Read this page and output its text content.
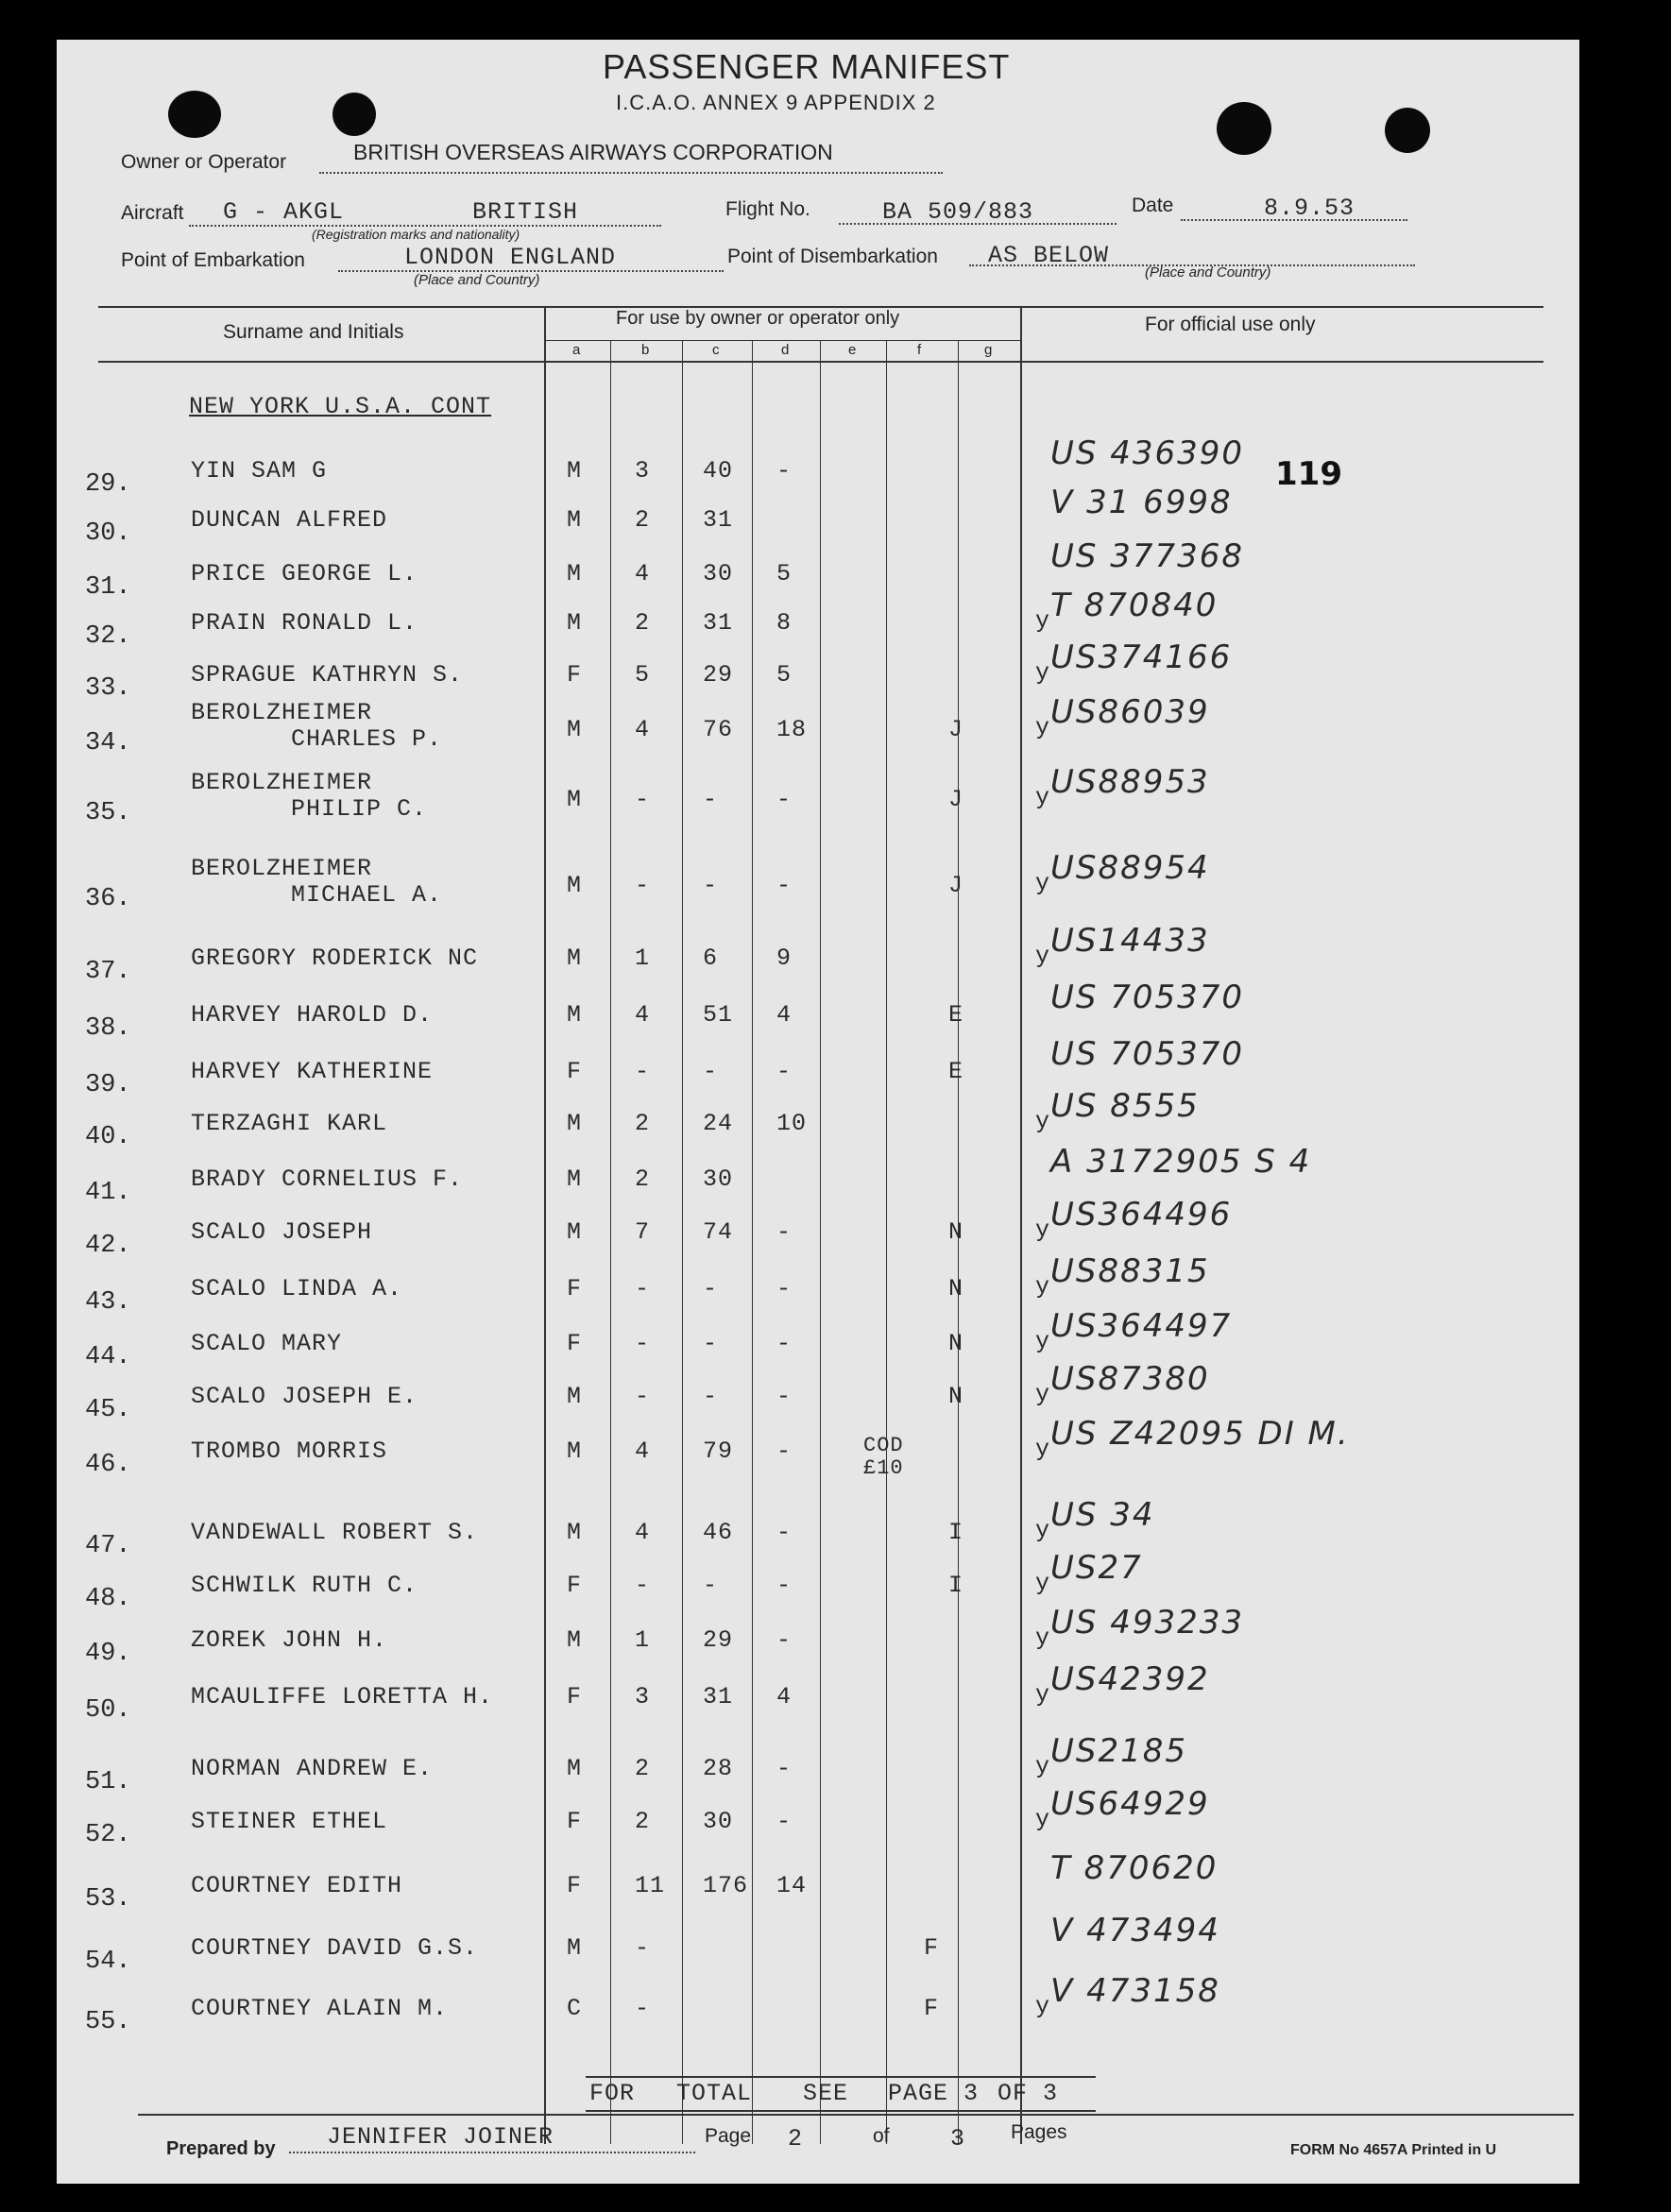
PASSENGER MANIFEST
I.C.A.O. ANNEX 9 APPENDIX 2
Owner or Operator	BRITISH OVERSEAS AIRWAYS CORPORATION
Aircraft G - AKGL	BRITISH
(Registration marks and nationality)
Flight No.	BA 509/883	Date	8.9.53
Point of Embarkation	LONDON ENGLAND
(Place and Country)
Point of Disembarkation AS BELOW
(Place and Country)
119
Surname and Initials
For use by owner or operator only	For official use only
a	b	c	d	e	f	g
NEW YORK U.S.A. CONT
29.	YIN SAM G	M 3 40 -	US 436390
30.	DUNCAN ALFRED	M 2 31	V 31 6998
31.	PRICE GEORGE L.	M 4 30 5	US 377368
32.	PRAIN RONALD L.	M 2 31 8	y T 870840
33.	SPRAGUE KATHRYN S.	F 5 29 5	y US374166
34.
BEROLZHEIMER
CHARLES P.	M 4 76 18	J	y US86039
35.
BEROLZHEIMER
PHILIP C.	M - - -	J	y US88953
36.
BEROLZHEIMER
MICHAEL A.	M - - -	J	y US88954
37.	GREGORY RODERICK NC	M 1 6 9	y US14433
38.	HARVEY HAROLD D.	M 4 51 4	E	US 705370
39.	HARVEY KATHERINE	F - - -	E	US 705370
40.	TERZAGHI KARL	M 2 24 10	y US 8555
41.	BRADY CORNELIUS F.	M 2 30	A 3172905 S 4
42.	SCALO JOSEPH	M 7 74 -	N	y US364496
43.	SCALO LINDA A.	F - - -	N	y US88315
44.	SCALO MARY	F - - -	N	y US364497
45.	SCALO JOSEPH E.	M - - -	N	y US87380
46.	TROMBO MORRIS	M 4 79 -	COD
£10
y US Z42095 DI M.
47.	VANDEWALL ROBERT S.	M 4 46 -	I	y US 34
48.	SCHWILK RUTH C.	F - - -	I	y US27
49.	ZOREK JOHN H.	M 1 29 -	y US 493233
50.	MCAULIFFE LORETTA H.	F 3 31 4	y US42392
51.	NORMAN ANDREW E.	M 2 28 -	y US2185
52.	STEINER ETHEL	F 2 30 -	y US64929
53.	COURTNEY EDITH	F 11 176 14	T 870620
54.	COURTNEY DAVID G.S.	M -	F	V 473494
55.	COURTNEY ALAIN M.	C -	F	y V 473158
FOR TOTAL SEE PAGE 3 OF 3
Prepared by JENNIFER JOINER	Page 2	of	3 Pages
FORM No 4657A Printed in U
